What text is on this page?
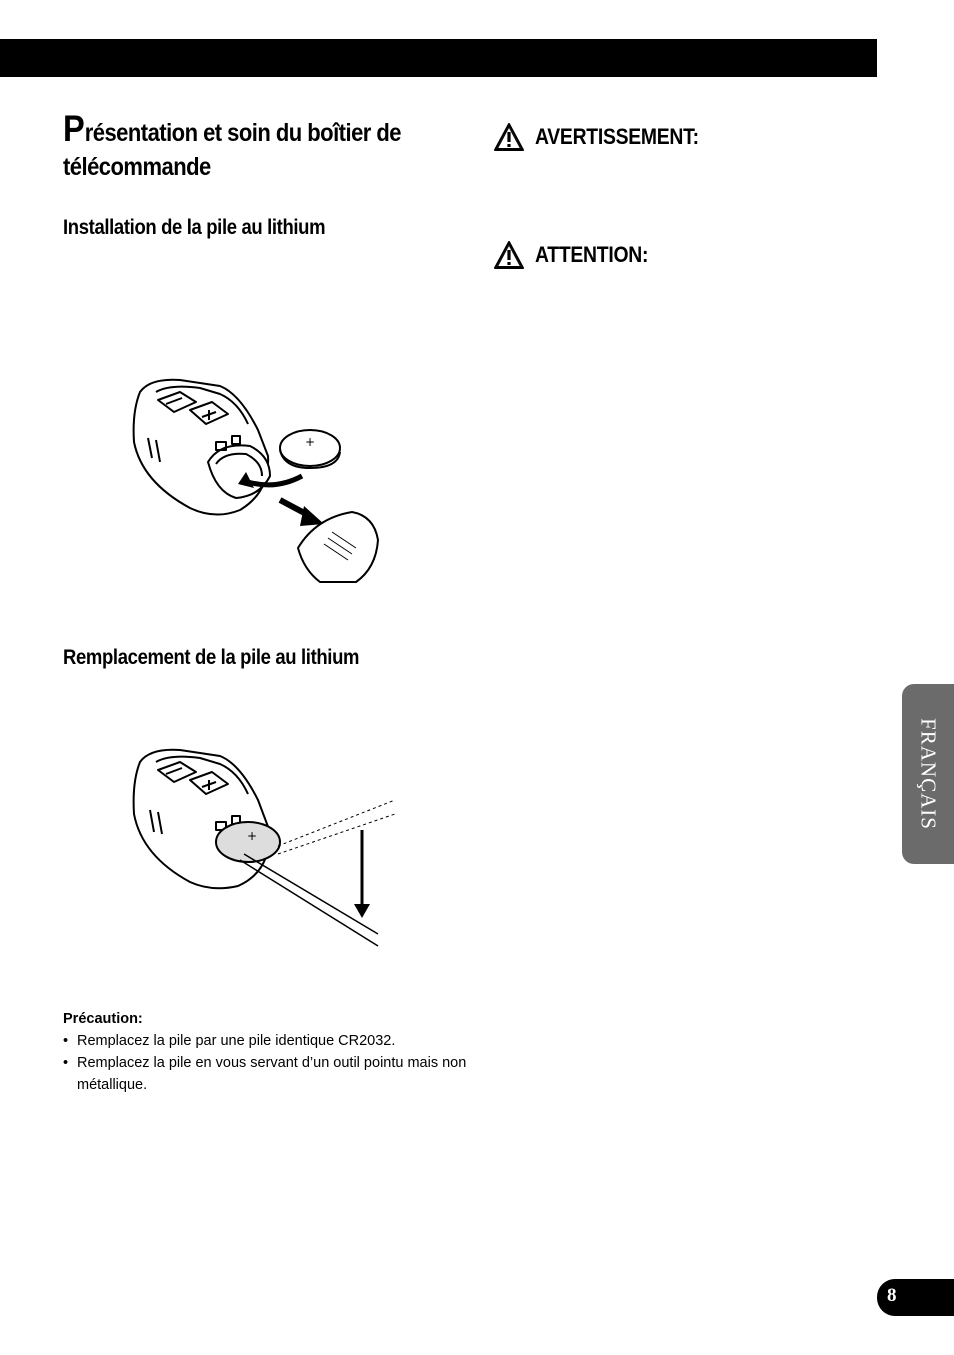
Présentation et soin du boîtier de télécommande
Installation de la pile au lithium
+
Remplacement de la pile au lithium
+

Précaution:

• Remplacez la pile par une pile identique CR2032.
• Remplacez la pile en vous servant d’un outil pointu mais non métallique.
AVERTISSEMENT:
ATTENTION:
FRANÇAIS
8
